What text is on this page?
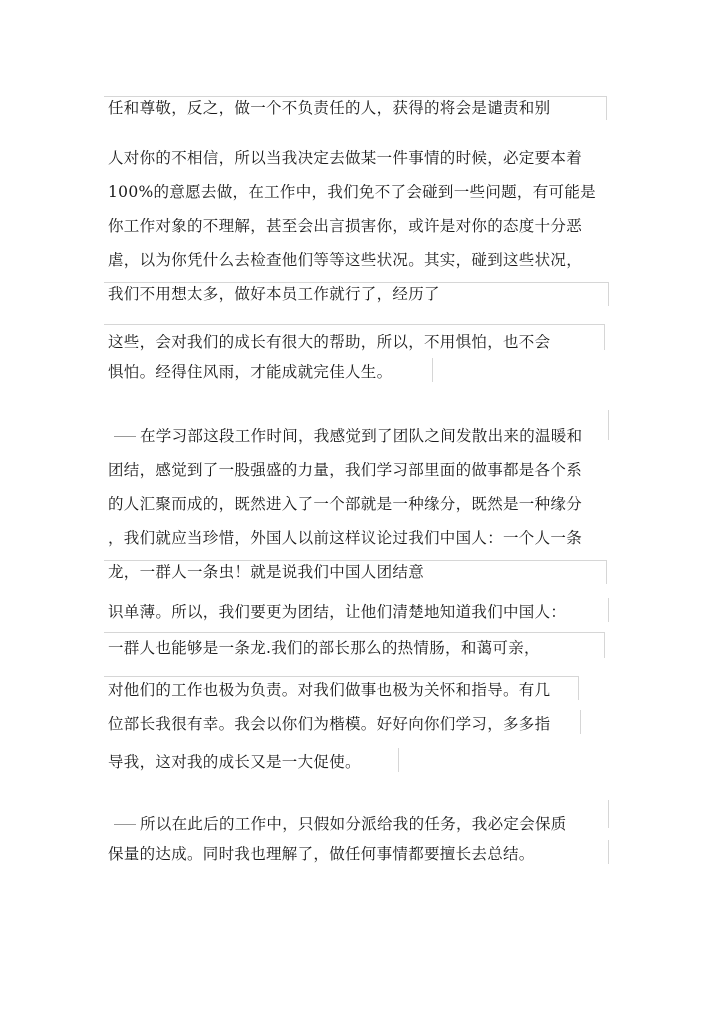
任和尊敬，反之，做一个不负责任的人，获得的将会是谴责和别
人对你的不相信，所以当我决定去做某一件事情的时候，必定要本着
100%的意愿去做，在工作中，我们免不了会碰到一些问题，有可能是
你工作对象的不理解，甚至会出言损害你，或许是对你的态度十分恶
虐，以为你凭什么去检查他们等等这些状况。其实，碰到这些状况，
我们不用想太多，做好本员工作就行了，经历了
这些，会对我们的成长有很大的帮助，所以，不用惧怕，也不会
惧怕。经得住风雨，才能成就完佳人生。
在学习部这段工作时间，我感觉到了团队之间发散出来的温暖和
团结，感觉到了一股强盛的力量，我们学习部里面的做事都是各个系
的人汇聚而成的，既然进入了一个部就是一种缘分，既然是一种缘分
，我们就应当珍惜，外国人以前这样议论过我们中国人：一个人一条
龙，一群人一条虫！就是说我们中国人团结意
识单薄。所以，我们要更为团结，让他们清楚地知道我们中国人：
一群人也能够是一条龙.我们的部长那么的热情肠，和蔼可亲，
对他们的工作也极为负责。对我们做事也极为关怀和指导。有几
位部长我很有幸。我会以你们为楷模。好好向你们学习，多多指
导我，这对我的成长又是一大促使。
所以在此后的工作中，只假如分派给我的任务，我必定会保质
保量的达成。同时我也理解了，做任何事情都要擅长去总结。
